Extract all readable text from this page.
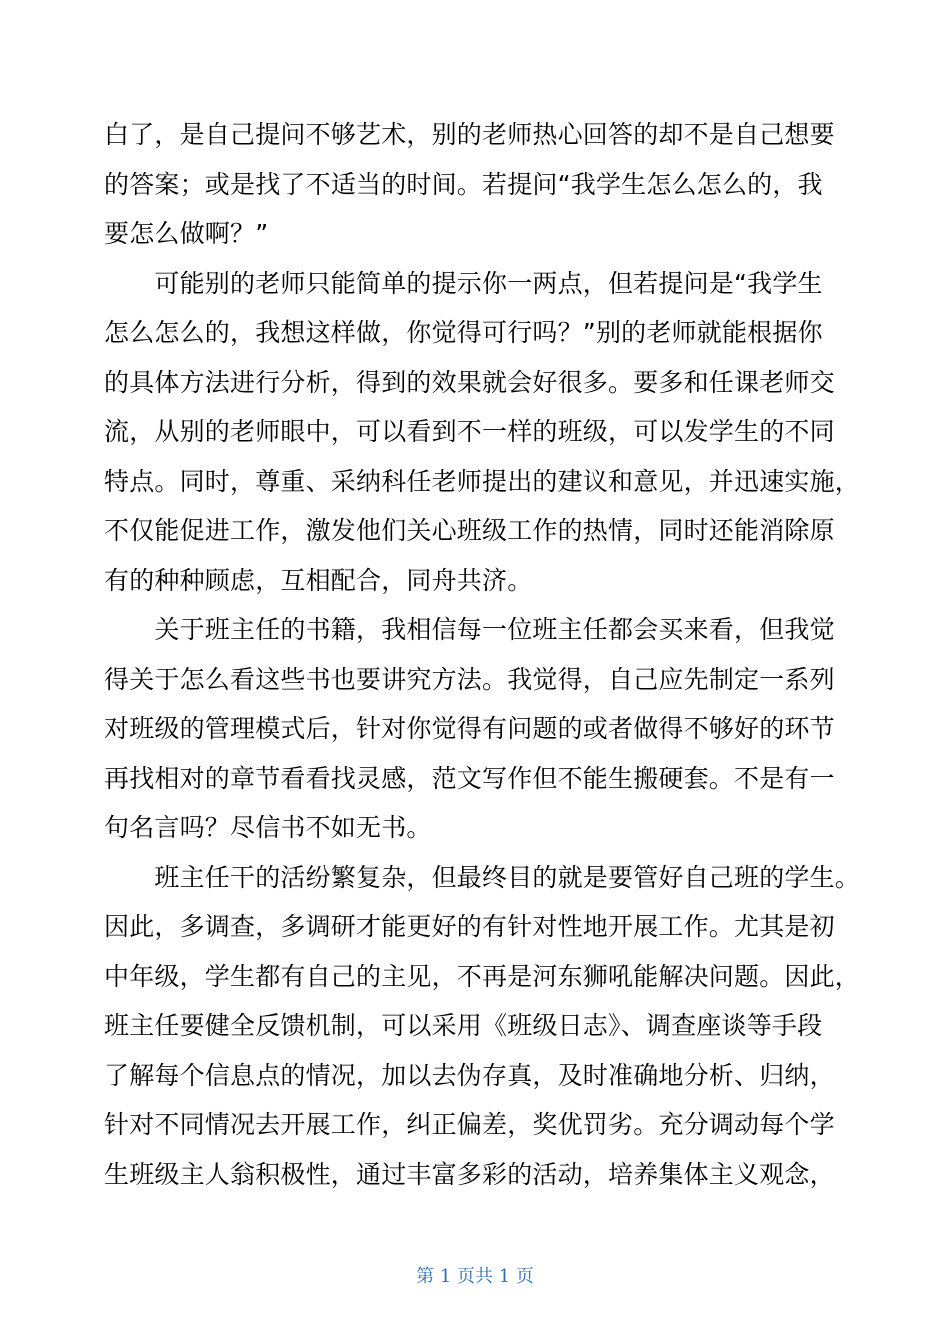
白了，是自己提问不够艺术，别的老师热心回答的却不是自己想要
的答案；或是找了不适当的时间。若提问“我学生怎么怎么的，我
要怎么做啊？”
　　可能别的老师只能简单的提示你一两点，但若提问是“我学生
怎么怎么的，我想这样做，你觉得可行吗？”别的老师就能根据你
的具体方法进行分析，得到的效果就会好很多。要多和任课老师交
流，从别的老师眼中，可以看到不一样的班级，可以发学生的不同
特点。同时，尊重、采纳科任老师提出的建议和意见，并迅速实施，
不仅能促进工作，激发他们关心班级工作的热情，同时还能消除原
有的种种顾虑，互相配合，同舟共济。
　　关于班主任的书籍，我相信每一位班主任都会买来看，但我觉
得关于怎么看这些书也要讲究方法。我觉得，自己应先制定一系列
对班级的管理模式后，针对你觉得有问题的或者做得不够好的环节
再找相对的章节看看找灵感，范文写作但不能生搬硬套。不是有一
句名言吗？尽信书不如无书。
　　班主任干的活纷繁复杂，但最终目的就是要管好自己班的学生。
因此，多调查，多调研才能更好的有针对性地开展工作。尤其是初
中年级，学生都有自己的主见，不再是河东狮吼能解决问题。因此，
班主任要健全反馈机制，可以采用《班级日志》、调查座谈等手段
了解每个信息点的情况，加以去伪存真，及时准确地分析、归纳，
针对不同情况去开展工作，纠正偏差，奖优罚劣。充分调动每个学
生班级主人翁积极性，通过丰富多彩的活动，培养集体主义观念，
第 1 页共 1 页
